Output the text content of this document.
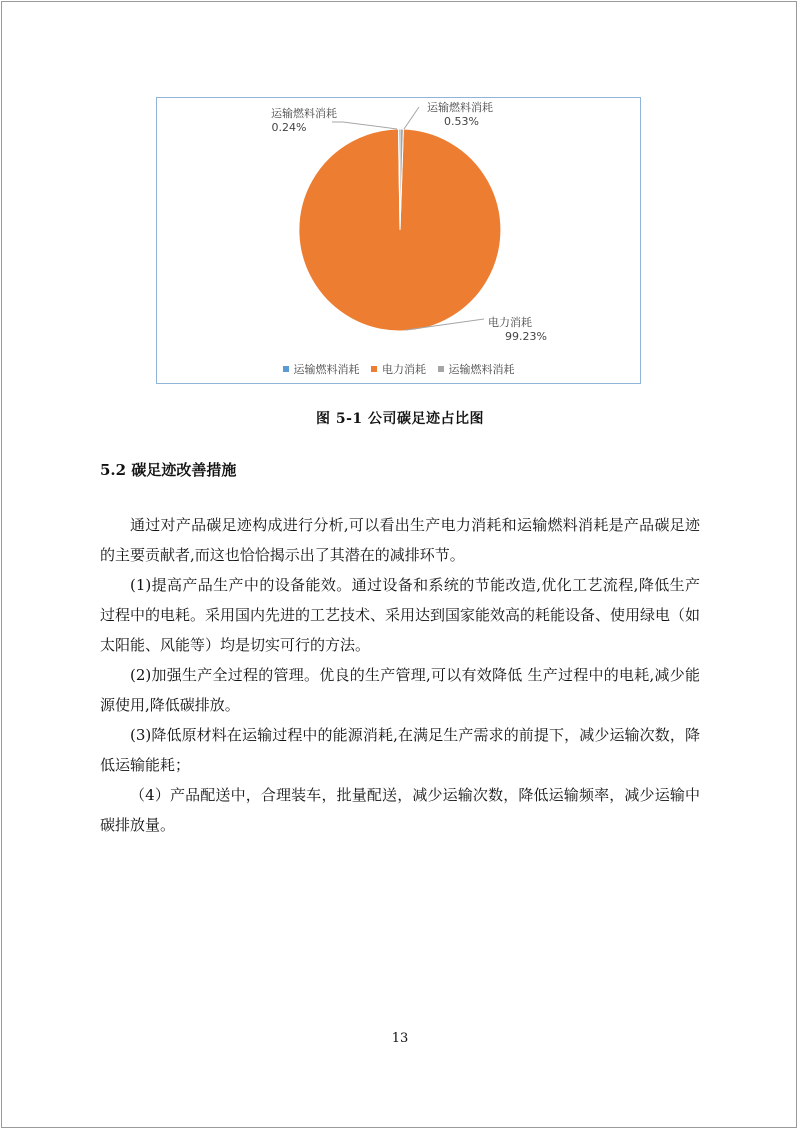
运输燃料消耗
0.53%
电力消耗
99.23%
运输燃料消耗
0.24%
运输燃料消耗 电力消耗 运输燃料消耗
图 5-1 公司碳足迹占比图
5.2 碳足迹改善措施

通过对产品碳足迹构成进行分析,可以看出生产电力消耗和运输燃料消耗是产品碳足迹的主要贡献者,而这也恰恰揭示出了其潜在的减排环节。

(1)提高产品生产中的设备能效。通过设备和系统的节能改造,优化工艺流程,降低生产过程中的电耗。采用国内先进的工艺技术、采用达到国家能效高的耗能设备、使用绿电（如太阳能、风能等）均是切实可行的方法。

(2)加强生产全过程的管理。优良的生产管理,可以有效降低 生产过程中的电耗,减少能源使用,降低碳排放。

(3)降低原材料在运输过程中的能源消耗,在满足生产需求的前提下，减少运输次数，降低运输能耗；

（4）产品配送中，合理装车，批量配送，减少运输次数，降低运输频率，减少运输中碳排放量。

13
